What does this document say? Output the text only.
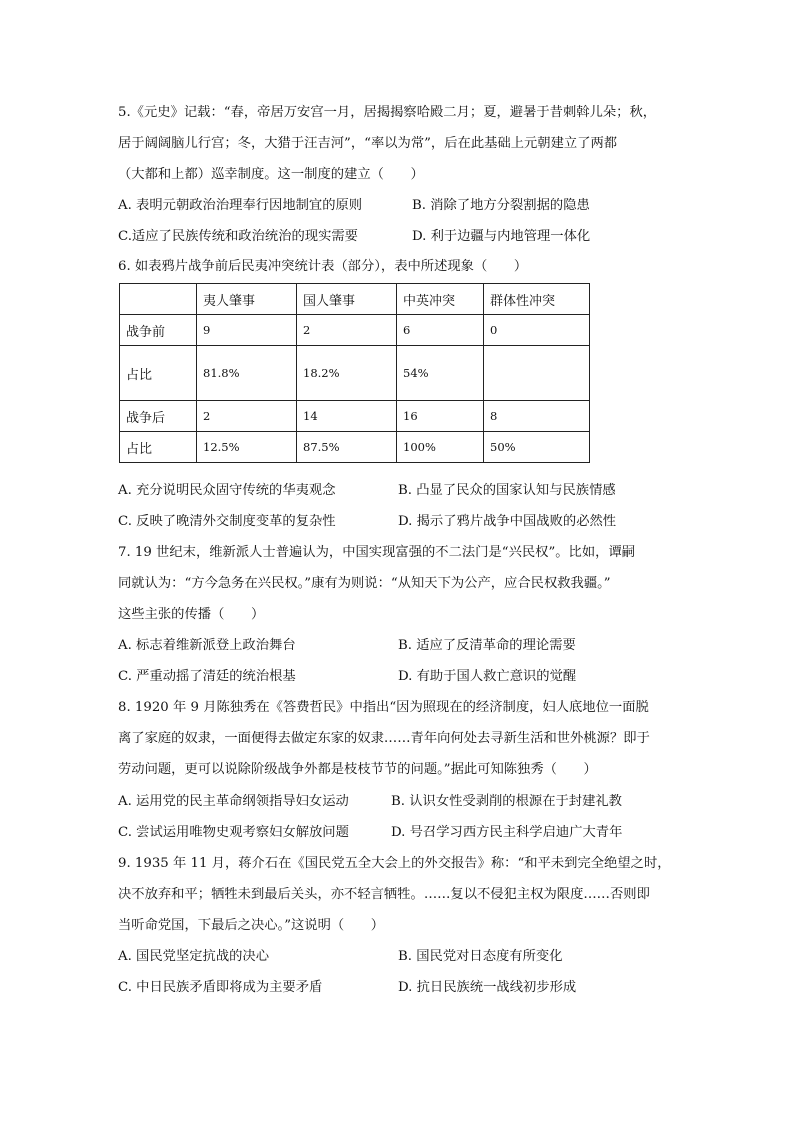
5.《元史》记载：“春，帝居万安宫一月，居揭揭察哈殿二月；夏，避暑于昔刺斡儿朵；秋，

居于阔阔脑儿行宫；冬，大猎于汪吉河”，“率以为常”，后在此基础上元朝建立了两都

（大都和上都）巡幸制度。这一制度的建立（　　）

A. 表明元朝政治治理奉行因地制宜的原则	B. 消除了地方分裂割据的隐患

C.适应了民族传统和政治统治的现实需要	D. 利于边疆与内地管理一体化

6. 如表鸦片战争前后民夷冲突统计表（部分），表中所述现象（　　）

	夷人肇事	国人肇事	中英冲突	群体性冲突
战争前	9	2	6	0
占比	81.8%	18.2%	54%	
战争后	2	14	16	8
占比	12.5%	87.5%	100%	50%

A. 充分说明民众固守传统的华夷观念	B. 凸显了民众的国家认知与民族情感

C. 反映了晚清外交制度变革的复杂性	D. 揭示了鸦片战争中国战败的必然性

7. 19 世纪末，维新派人士普遍认为，中国实现富强的不二法门是“兴民权”。比如，谭嗣

同就认为：“方今急务在兴民权。”康有为则说：“从知天下为公产，应合民权救我疆。”

这些主张的传播（　　）

A. 标志着维新派登上政治舞台	B. 适应了反清革命的理论需要

C. 严重动摇了清廷的统治根基	D. 有助于国人救亡意识的觉醒

8. 1920 年 9 月陈独秀在《答费哲民》中指出“因为照现在的经济制度，妇人底地位一面脱

离了家庭的奴隶，一面便得去做定东家的奴隶……青年向何处去寻新生活和世外桃源？即于

劳动问题，更可以说除阶级战争外都是枝枝节节的问题。”据此可知陈独秀（　　）

A. 运用党的民主革命纲领指导妇女运动	B. 认识女性受剥削的根源在于封建礼教

C. 尝试运用唯物史观考察妇女解放问题	D. 号召学习西方民主科学启迪广大青年

9. 1935 年 11 月，蒋介石在《国民党五全大会上的外交报告》称：“和平未到完全绝望之时，

决不放弃和平；牺牲未到最后关头，亦不轻言牺牲。……复以不侵犯主权为限度……否则即

当听命党国，下最后之决心。”这说明（　　）

A. 国民党坚定抗战的决心	B. 国民党对日态度有所变化

C. 中日民族矛盾即将成为主要矛盾	D. 抗日民族统一战线初步形成
